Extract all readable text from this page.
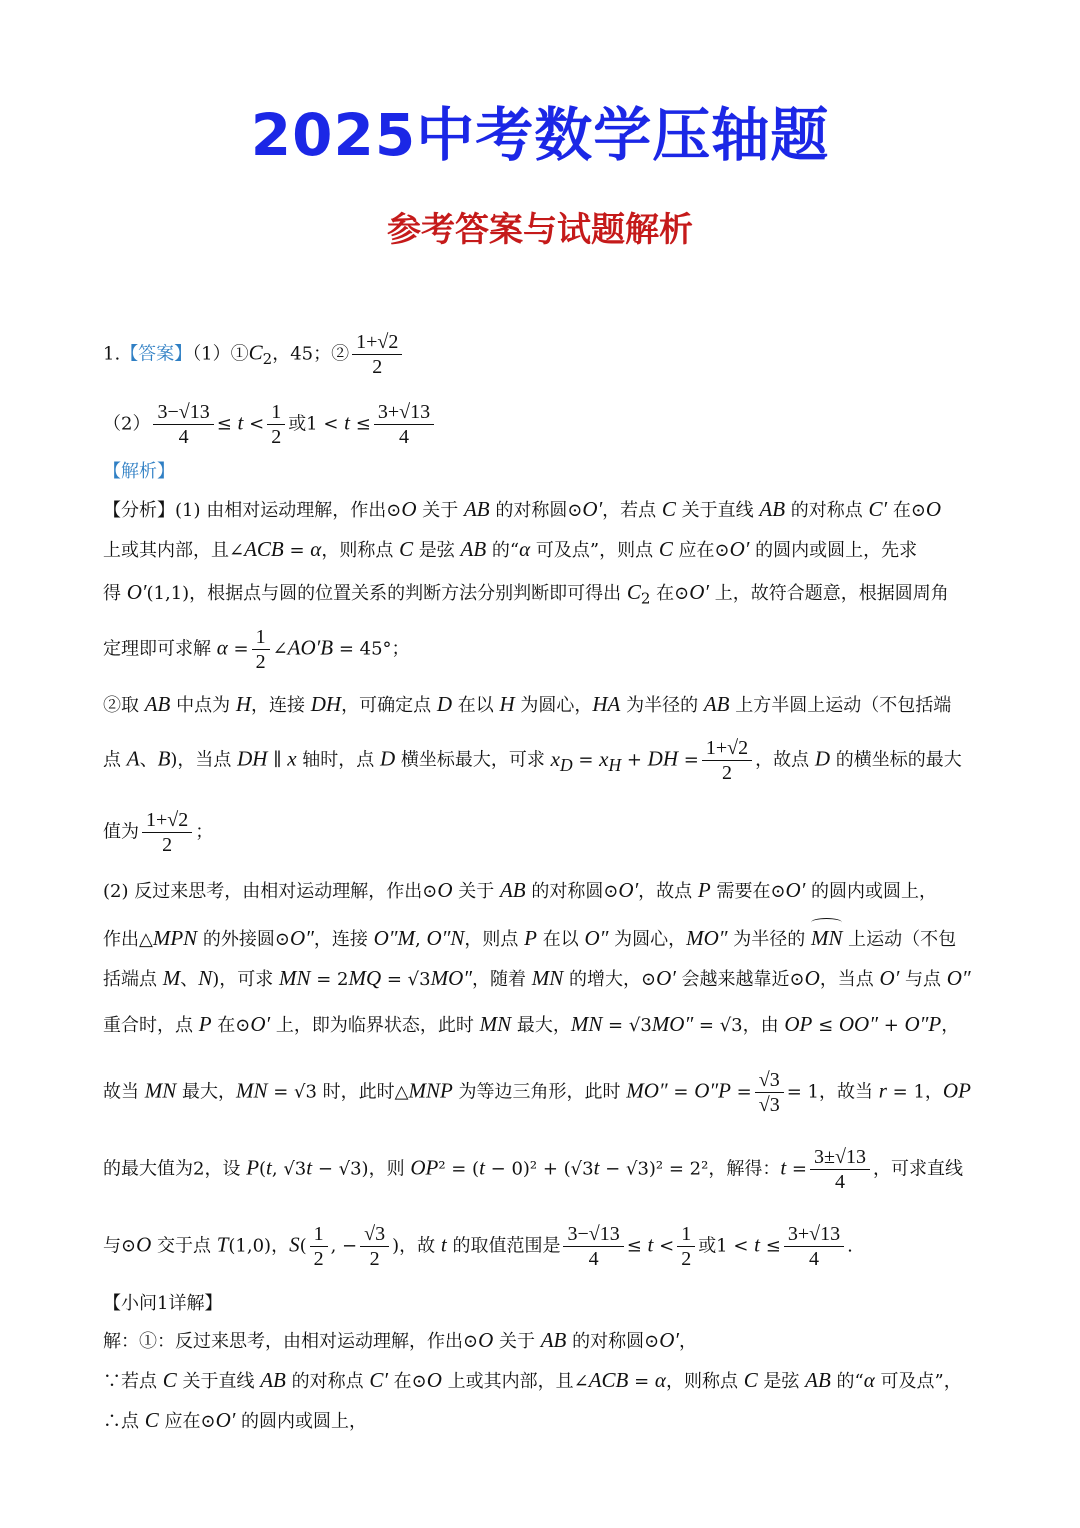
2025中考数学压轴题
参考答案与试题解析
1.【答案】$(1)①C_2$，45；② $\frac{1+√2}{2}$
$(2) \frac{3-√13}{4} \le t < \frac{1}{2}$ 或$1 < t \le \frac{3+√13}{4}$
【解析】
【分析】(1) 由相对运动理解，作出⊙O 关于 AB 的对称圆⊙O′，若点 C 关于直线 AB 的对称点 C′ 在⊙O
上或其内部，且∠ACB = α，则称点 C 是弦 AB 的“α 可及点”，则点 C 应在⊙O′ 的圆内或圆上，先求
得 O′(1,1)，根据点与圆的位置关系的判断方法分别判断即可得出 $C_2$ 在⊙O′ 上，故符合题意，根据圆周角
定理即可求解 $\alpha = \frac{1}{2}$ ∠AO′B = 45°；
②取 AB 中点为 H，连接 DH，可确定点 D 在以 H 为圆心，HA 为半径的 AB 上方半圆上运动（不包括端
点 A、B)，当点 DH ∥ x 轴时，点 D 横坐标最大，可求 $x_D = x_H$ + DH = $\frac{1+√2}{2}$ ，故点 D 的横坐标的最大
值为 $\frac{1+√2}{2}$ ；
(2) 反过来思考，由相对运动理解，作出⊙O 关于 AB 的对称圆⊙O′，故点 P 需要在⊙O′ 的圆内或圆上，
作出△MPN 的外接圆⊙O″，连接 O″M, O″N，则点 P 在以 O″ 为圆心，MO″ 为半径的 MN 上运动（不包
括端点 M、N)，可求 MN = 2MQ = √3MO″，随着 MN 的增大，⊙O′ 会越来越靠近⊙O，当点 O′ 与点 O″
重合时，点 P 在⊙O′ 上，即为临界状态，此时 MN 最大，MN = √3MO″ = √3，由 OP ≤ OO″ + O″P，
故当 MN 最大，MN = √3 时，此时△MNP 为等边三角形，此时 $MO'' = O''P = \frac{√3}{√3} = 1$，故当 r = 1，OP
的最大值为2，设 P(t, √3t − √3)，则 OP² = (t − 0)² + (√3t − √3)² = 2²，解得：$t = \frac{3\pm√13}{4}$ ，可求直线
与⊙O 交于点 T(1,0)，$S( \frac{1}{2}$ , − $\frac{√3}{2}$ )，故 t 的取值范围是 $\frac{3-√13}{4} \le t < \frac{1}{2}$ 或$1 < t \le \frac{3+√13}{4}$ .
【小问1详解】
解：①：反过来思考，由相对运动理解，作出⊙O 关于 AB 的对称圆⊙O′，
∵若点 C 关于直线 AB 的对称点 C′ 在⊙O 上或其内部，且∠ACB = α，则称点 C 是弦 AB 的“α 可及点”，
∴点 C 应在⊙O′ 的圆内或圆上，
